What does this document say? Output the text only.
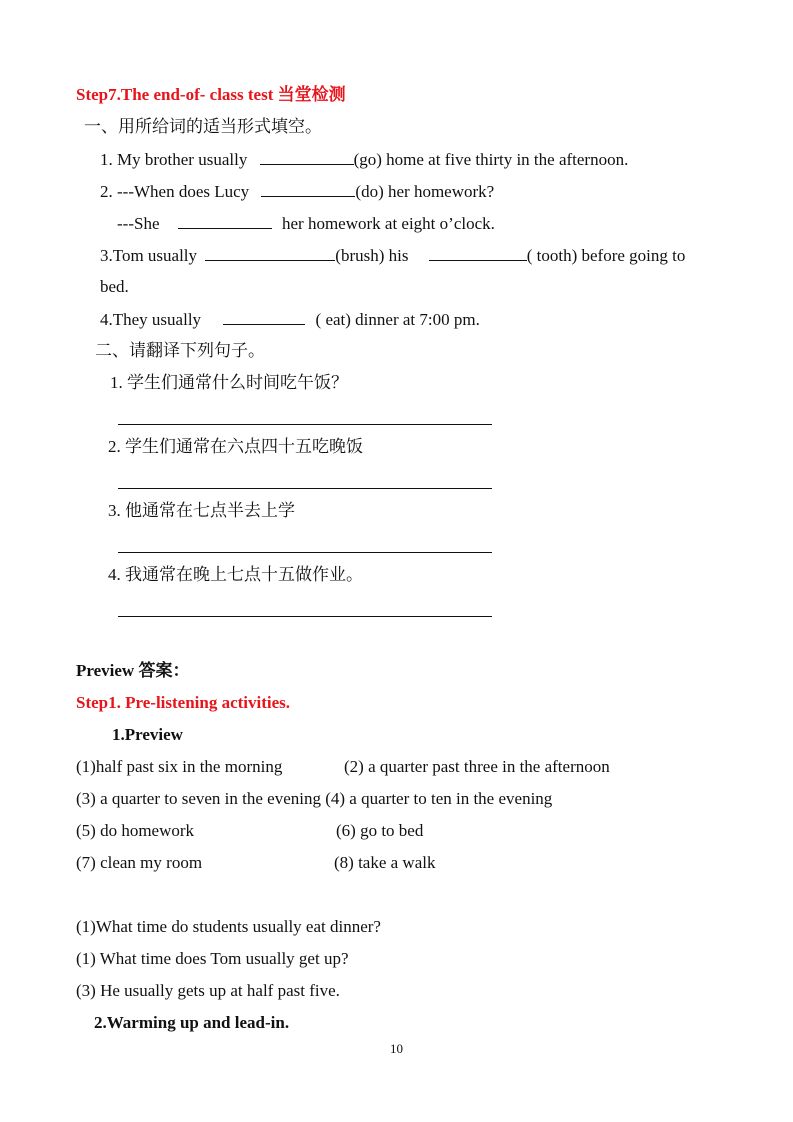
Step7.The end-of- class test 当堂检测
一、用所给词的适当形式填空。
1. My brother usually	(go) home at five thirty in the afternoon.
2. ---When does Lucy	(do) her homework?
---She	her homework at eight o’clock.
3.Tom usually	(brush) his	( tooth) before going to
bed.
4.They usually	( eat) dinner at 7:00 pm.
二、请翻译下列句子。
1. 学生们通常什么时间吃午饭？
2. 学生们通常在六点四十五吃晚饭
3. 他通常在七点半去上学
4. 我通常在晚上七点十五做作业。
Preview 答案：
Step1. Pre-listening activities.
1.Preview
(1)half past six in the morning	(2) a quarter past three in the afternoon
(3) a quarter to seven in the evening (4) a quarter to ten in the evening
(5) do homework	(6) go to bed
(7) clean my room	(8) take a walk
(1)What time do students usually eat dinner?
(1) What time does Tom usually get up?
(3) He usually gets up at half past five.
2.Warming up and lead-in.
10
